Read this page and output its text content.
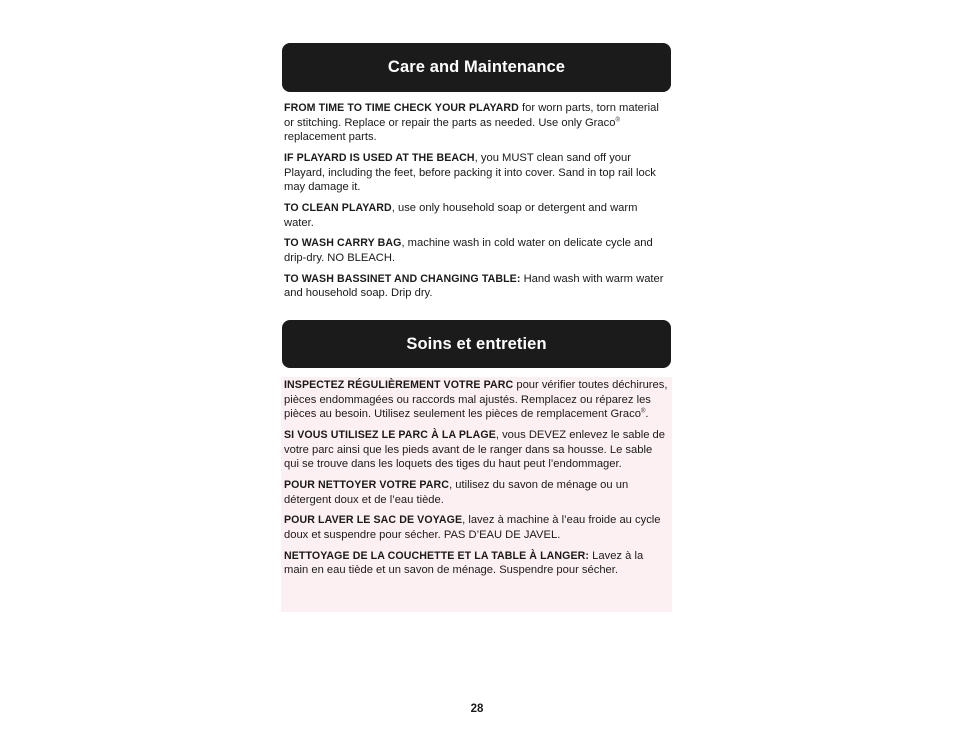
Care and Maintenance

FROM TIME TO TIME CHECK YOUR PLAYARD for worn parts, torn material or stitching. Replace or repair the parts as needed. Use only Graco® replacement parts.

IF PLAYARD IS USED AT THE BEACH, you MUST clean sand off your Playard, including the feet, before packing it into cover. Sand in top rail lock may damage it.

TO CLEAN PLAYARD, use only household soap or detergent and warm water.

TO WASH CARRY BAG, machine wash in cold water on delicate cycle and drip-dry. NO BLEACH.

TO WASH BASSINET AND CHANGING TABLE: Hand wash with warm water and household soap. Drip dry.

Soins et entretien

INSPECTEZ RÉGULIÈREMENT VOTRE PARC pour vérifier toutes déchirures, pièces endommagées ou raccords mal ajustés. Remplacez ou réparez les pièces au besoin. Utilisez seulement les pièces de remplacement Graco®.

SI VOUS UTILISEZ LE PARC À LA PLAGE, vous DEVEZ enlevez le sable de votre parc ainsi que les pieds avant de le ranger dans sa housse. Le sable qui se trouve dans les loquets des tiges du haut peut l’endommager.

POUR NETTOYER VOTRE PARC, utilisez du savon de ménage ou un détergent doux et de l’eau tiède.

POUR LAVER LE SAC DE VOYAGE, lavez à machine à l’eau froide au cycle doux et suspendre pour sécher. PAS D’EAU DE JAVEL.

NETTOYAGE DE LA COUCHETTE ET LA TABLE À LANGER: Lavez à la main en eau tiède et un savon de ménage. Suspendre pour sécher.

28
